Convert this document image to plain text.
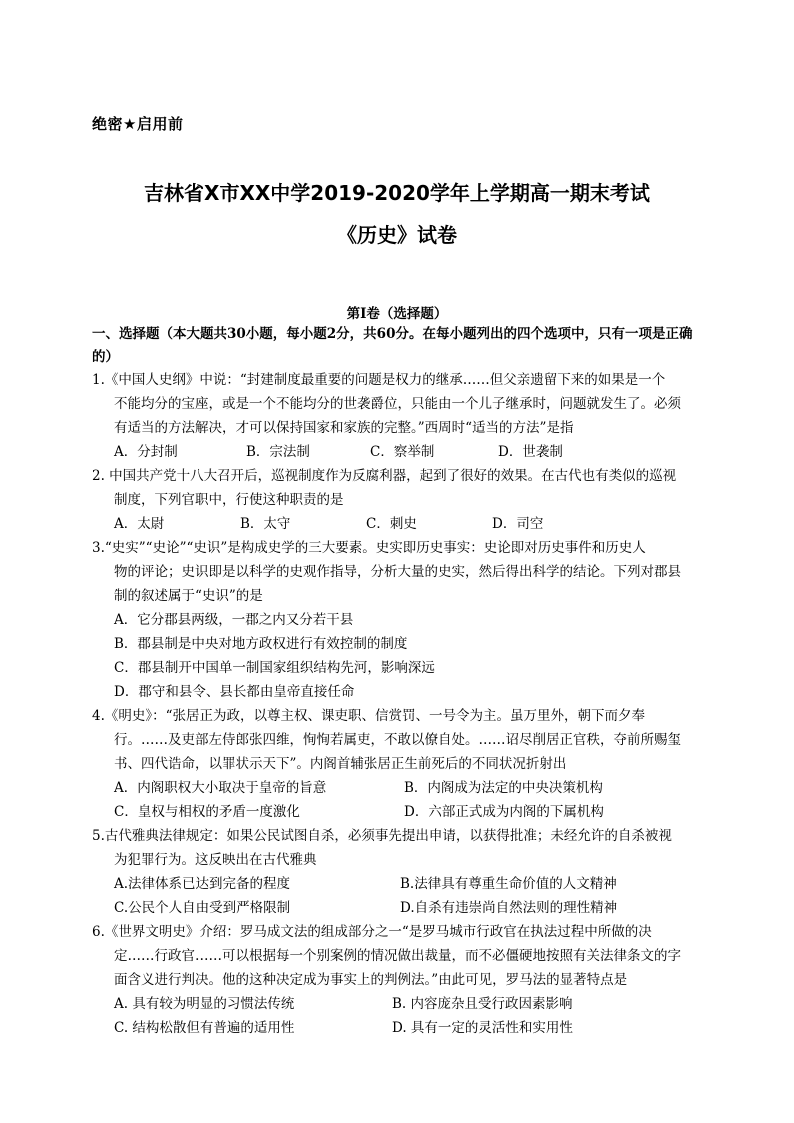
绝密★启用前
吉林省X市XX中学2019-2020学年上学期高一期末考试
《历史》试卷
第I卷（选择题）
一、选择题（本大题共30小题，每小题2分，共60分。在每小题列出的四个选项中，只有一项是正确的）
1.《中国人史纲》中说：“封建制度最重要的问题是权力的继承……但父亲遗留下来的如果是一个
不能均分的宝座，或是一个不能均分的世袭爵位，只能由一个儿子继承时，问题就发生了。必须
有适当的方法解决，才可以保持国家和家族的完整。”西周时“适当的方法”是指
A．分封制	B．宗法制	C．察举制	D．世袭制
2. 中国共产党十八大召开后，巡视制度作为反腐利器，起到了很好的效果。在古代也有类似的巡视
制度，下列官职中，行使这种职责的是
A．太尉	B．太守	C．刺史	D．司空
3.“史实”“史论”“史识”是构成史学的三大要素。史实即历史事实：史论即对历史事件和历史人
物的评论；史识即是以科学的史观作指导，分析大量的史实，然后得出科学的结论。下列对郡县
制的叙述属于“史识”的是
A．它分郡县两级，一郡之内又分若干县
B．郡县制是中央对地方政权进行有效控制的制度
C．郡县制开中国单一制国家组织结构先河，影响深远
D．郡守和县令、县长都由皇帝直接任命
4.《明史》：“张居正为政，以尊主权、课吏职、信赏罚、一号令为主。虽万里外，朝下而夕奉
行。……及吏部左侍郎张四维，恂恂若属吏，不敢以僚自处。……诏尽削居正官秩，夺前所赐玺
书、四代诰命，以罪状示天下”。内阁首辅张居正生前死后的不同状况折射出
A．内阁职权大小取决于皇帝的旨意	B．内阁成为法定的中央决策机构
C．皇权与相权的矛盾一度激化	D．六部正式成为内阁的下属机构
5.古代雅典法律规定：如果公民试图自杀，必须事先提出申请，以获得批准；未经允许的自杀被视
为犯罪行为。这反映出在古代雅典
A.法律体系已达到完备的程度	B.法律具有尊重生命价值的人文精神
C.公民个人自由受到严格限制	D.自杀有违崇尚自然法则的理性精神
6.《世界文明史》介绍：罗马成文法的组成部分之一“是罗马城市行政官在执法过程中所做的决
定……行政官……可以根据每一个别案例的情况做出裁量，而不必僵硬地按照有关法律条文的字
面含义进行判决。他的这种决定成为事实上的判例法。”由此可见，罗马法的显著特点是
A. 具有较为明显的习惯法传统	B. 内容庞杂且受行政因素影响
C. 结构松散但有普遍的适用性	D. 具有一定的灵活性和实用性
